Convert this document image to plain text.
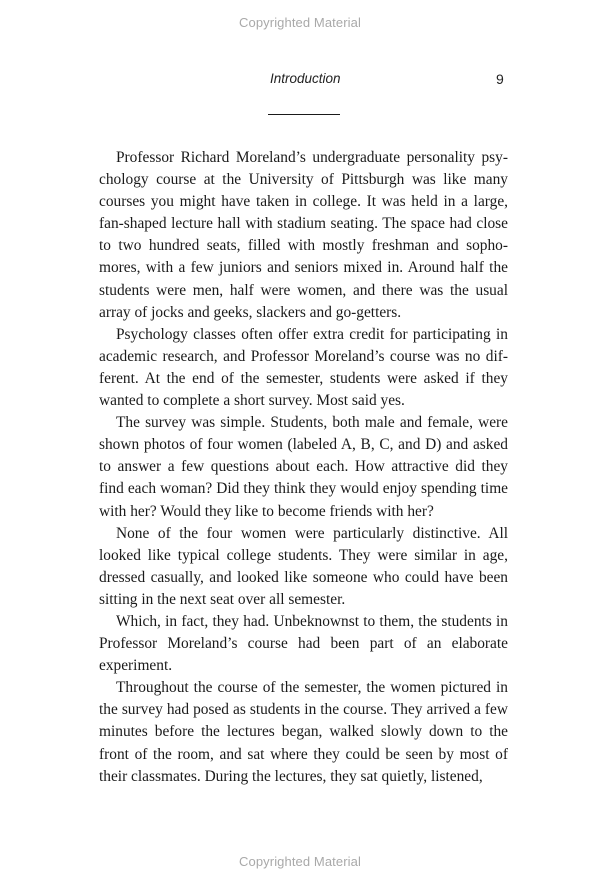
Copyrighted Material
Introduction	9

Professor Richard Moreland’s undergraduate personality psychology course at the University of Pittsburgh was like many courses you might have taken in college. It was held in a large, fan-shaped lecture hall with stadium seating. The space had close to two hundred seats, filled with mostly freshman and sophomores, with a few juniors and seniors mixed in. Around half the students were men, half were women, and there was the usual array of jocks and geeks, slackers and go-getters.

Psychology classes often offer extra credit for participating in academic research, and Professor Moreland’s course was no different. At the end of the semester, students were asked if they wanted to complete a short survey. Most said yes.

The survey was simple. Students, both male and female, were shown photos of four women (labeled A, B, C, and D) and asked to answer a few questions about each. How attractive did they find each woman? Did they think they would enjoy spending time with her? Would they like to become friends with her?

None of the four women were particularly distinctive. All looked like typical college students. They were similar in age, dressed casually, and looked like someone who could have been sitting in the next seat over all semester.

Which, in fact, they had. Unbeknownst to them, the students in Professor Moreland’s course had been part of an elaborate experiment.

Throughout the course of the semester, the women pictured in the survey had posed as students in the course. They arrived a few minutes before the lectures began, walked slowly down to the front of the room, and sat where they could be seen by most of their classmates. During the lectures, they sat quietly, listened,

Copyrighted Material
